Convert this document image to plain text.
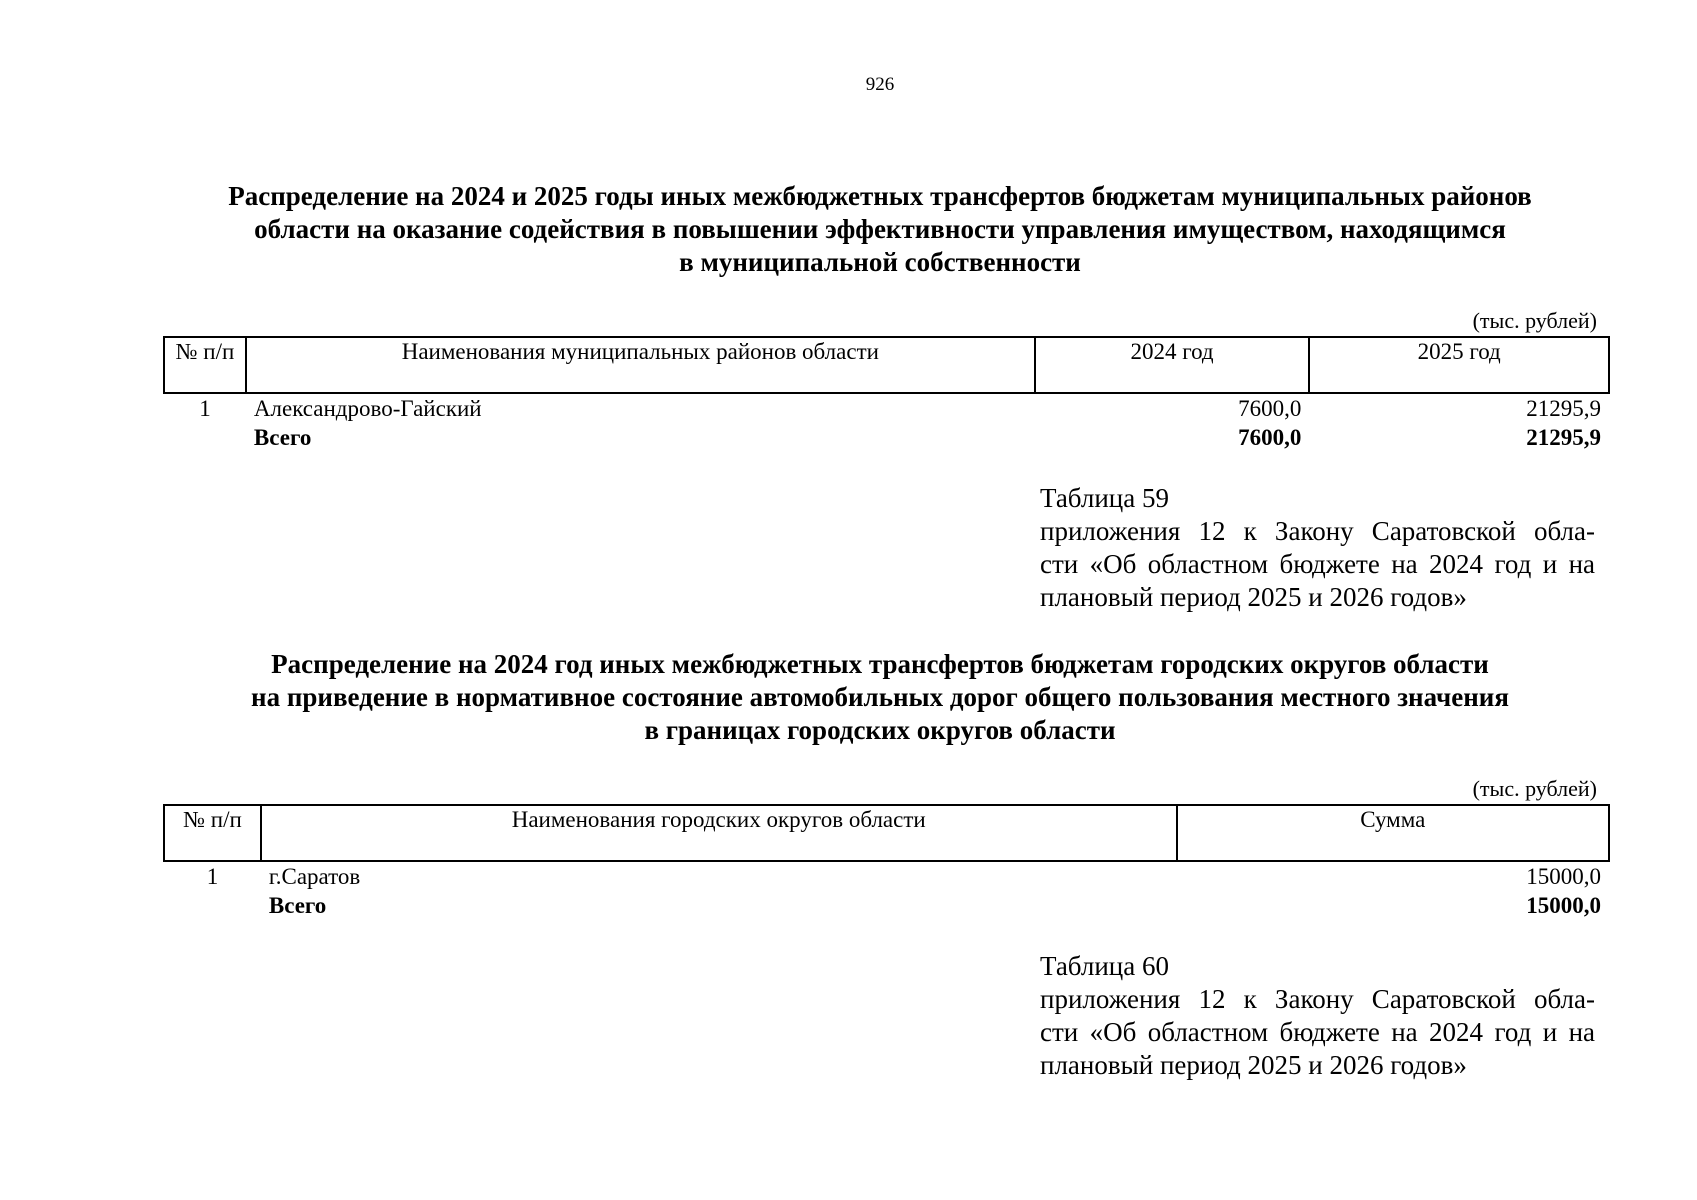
926
Распределение на 2024 и 2025 годы иных межбюджетных трансфертов бюджетам муниципальных районов
области на оказание содействия в повышении эффективности управления имуществом, находящимся
в муниципальной собственности
(тыс. рублей)
№ п/п	Наименования муниципальных районов области	2024 год	2025 год
1	Александрово-Гайский	7600,0	21295,9
	Всего	7600,0	21295,9
Таблица 59
приложения 12 к Закону Саратовской обла-
сти «Об областном бюджете на 2024 год и на
плановый период 2025 и 2026 годов»
Распределение на 2024 год иных межбюджетных трансфертов бюджетам городских округов области
на приведение в нормативное состояние автомобильных дорог общего пользования местного значения
в границах городских округов области
(тыс. рублей)
№ п/п	Наименования городских округов области	Сумма
1	г.Саратов	15000,0
	Всего	15000,0
Таблица 60
приложения 12 к Закону Саратовской обла-
сти «Об областном бюджете на 2024 год и на
плановый период 2025 и 2026 годов»
